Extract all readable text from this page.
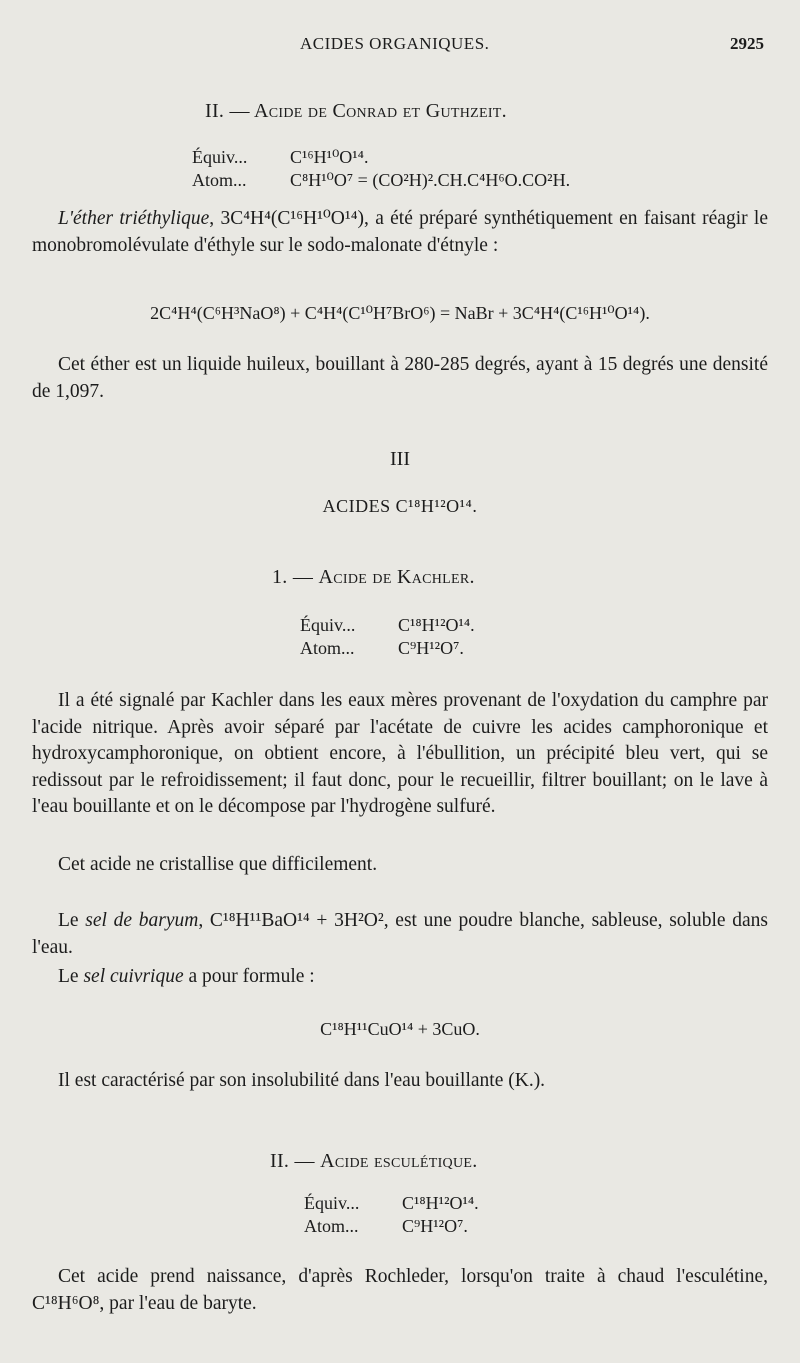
ACIDES ORGANIQUES.	2925
II. — Acide de Conrad et Guthzeit.
Équiv... C¹⁶H¹⁰O¹⁴.
Atom... C⁸H¹⁰O⁷ = (CO²H)².CH.C⁴H⁶O.CO²H.

L'éther triéthylique, 3C⁴H⁴(C¹⁶H¹⁰O¹⁴), a été préparé synthétiquement en faisant réagir le monobromolévulate d'éthyle sur le sodo-malonate d'étnyle :

2C⁴H⁴(C⁶H³NaO⁸) + C⁴H⁴(C¹⁰H⁷BrO⁶) = NaBr + 3C⁴H⁴(C¹⁶H¹⁰O¹⁴).

Cet éther est un liquide huileux, bouillant à 280-285 degrés, ayant à 15 degrés une densité de 1,097.

III
ACIDES C¹⁸H¹²O¹⁴.
1. — Acide de Kachler.
Équiv... C¹⁸H¹²O¹⁴.
Atom... C⁹H¹²O⁷.

Il a été signalé par Kachler dans les eaux mères provenant de l'oxydation du camphre par l'acide nitrique. Après avoir séparé par l'acétate de cuivre les acides camphoronique et hydroxycamphoronique, on obtient encore, à l'ébullition, un précipité bleu vert, qui se redissout par le refroidissement; il faut donc, pour le recueillir, filtrer bouillant; on le lave à l'eau bouillante et on le décompose par l'hydrogène sulfuré.

Cet acide ne cristallise que difficilement.

Le sel de baryum, C¹⁸H¹¹BaO¹⁴ + 3H²O², est une poudre blanche, sableuse, soluble dans l'eau.

Le sel cuivrique a pour formule :

C¹⁸H¹¹CuO¹⁴ + 3CuO.

Il est caractérisé par son insolubilité dans l'eau bouillante (K.).

II. — Acide esculétique.
Équiv... C¹⁸H¹²O¹⁴.
Atom... C⁹H¹²O⁷.

Cet acide prend naissance, d'après Rochleder, lorsqu'on traite à chaud l'esculétine, C¹⁸H⁶O⁸, par l'eau de baryte.
